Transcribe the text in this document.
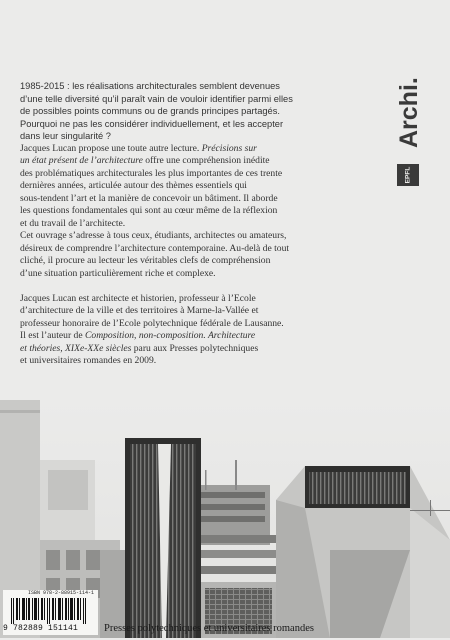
1985-2015 : les réalisations architecturales semblent devenues

d’une telle diversité qu’il paraît vain de vouloir identifier parmi elles

de possibles points communs ou de grands principes partagés.

Pourquoi ne pas les considérer individuellement, et les accepter

dans leur singularité ?

Jacques Lucan propose une toute autre lecture. Précisions sur

un état présent de l’architecture offre une compréhension inédite

des problématiques architecturales les plus importantes de ces trente

dernières années, articulée autour des thèmes essentiels qui

sous-tendent l’art et la manière de concevoir un bâtiment. Il aborde

les questions fondamentales qui sont au cœur même de la réflexion

et du travail de l’architecte.

Cet ouvrage s’adresse à tous ceux, étudiants, architectes ou amateurs,

désireux de comprendre l’architecture contemporaine. Au-delà de tout

cliché, il procure au lecteur les véritables clefs de compréhension

d’une situation particulièrement riche et complexe.

Jacques Lucan est architecte et historien, professeur à l’Ecole

d’architecture de la ville et des territoires à Marne-la-Vallée et

professeur honoraire de l’Ecole polytechnique fédérale de Lausanne.

Il est l’auteur de Composition, non-composition. Architecture

et théories, XIXe-XXe siècles paru aux Presses polytechniques

et universitaires romandes en 2009.

Archi.
EPFL
ISBN 978-2-88915-114-1
9 782889 151141 Presses polytechniques et universitaires romandes
